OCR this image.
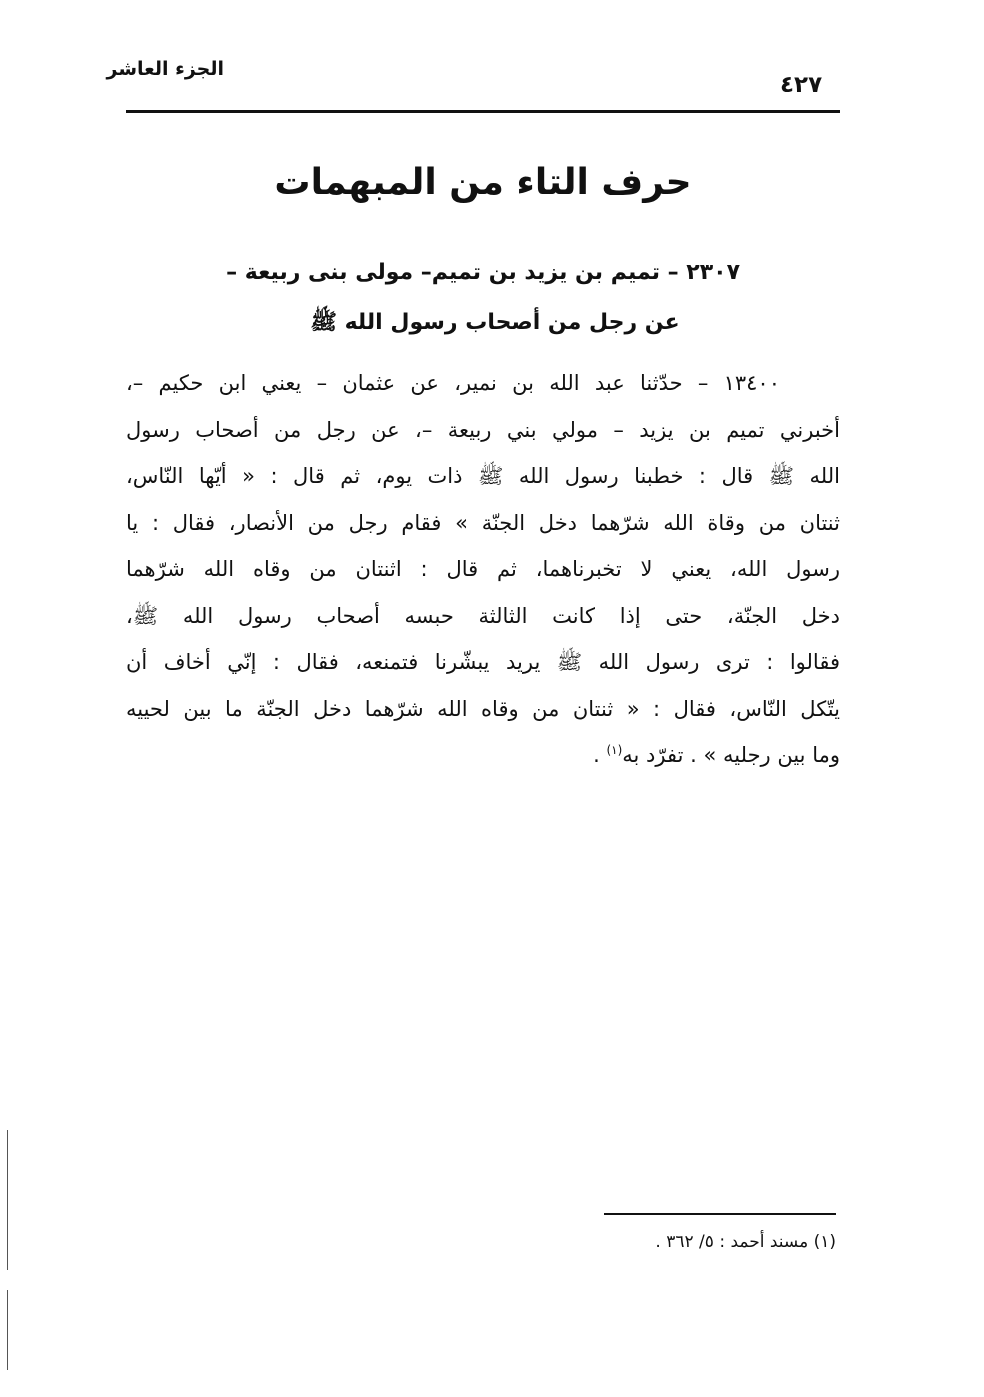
الجزء العاشر
٤٢٧
حرف التاء من المبهمات
٢٣٠٧ – تميم بن يزيد بن تميم– مولى بنى ربيعة –
عن رجل من أصحاب رسول الله ﷺ
١٣٤٠٠ – حدّثنا عبد الله بن نمير، عن عثمان – يعني ابن حكيم –،
أخبرني تميم بن يزيد – مولي بني ربيعة –، عن رجل من أصحاب رسول
الله ﷺ قال : خطبنا رسول الله ﷺ ذات يوم، ثم قال : « أيّها النّاس،
ثنتان من وقاة الله شرّهما دخل الجنّة » فقام رجل من الأنصار، فقال : يا
رسول الله، يعني لا تخبرناهما، ثم قال : اثنتان من وقاه الله شرّهما
دخل الجنّة، حتى إذا كانت الثالثة حبسه أصحاب رسول الله ﷺ،
فقالوا : ترى رسول الله ﷺ يريد يبشّرنا فتمنعه، فقال : إنّي أخاف أن
يتّكل النّاس، فقال : « ثنتان من وقاه الله شرّهما دخل الجنّة ما بين لحييه
وما بين رجليه » . تفرّد به$^{(١)}$ .
(١) مسند أحمد : ٥/ ٣٦٢ .
